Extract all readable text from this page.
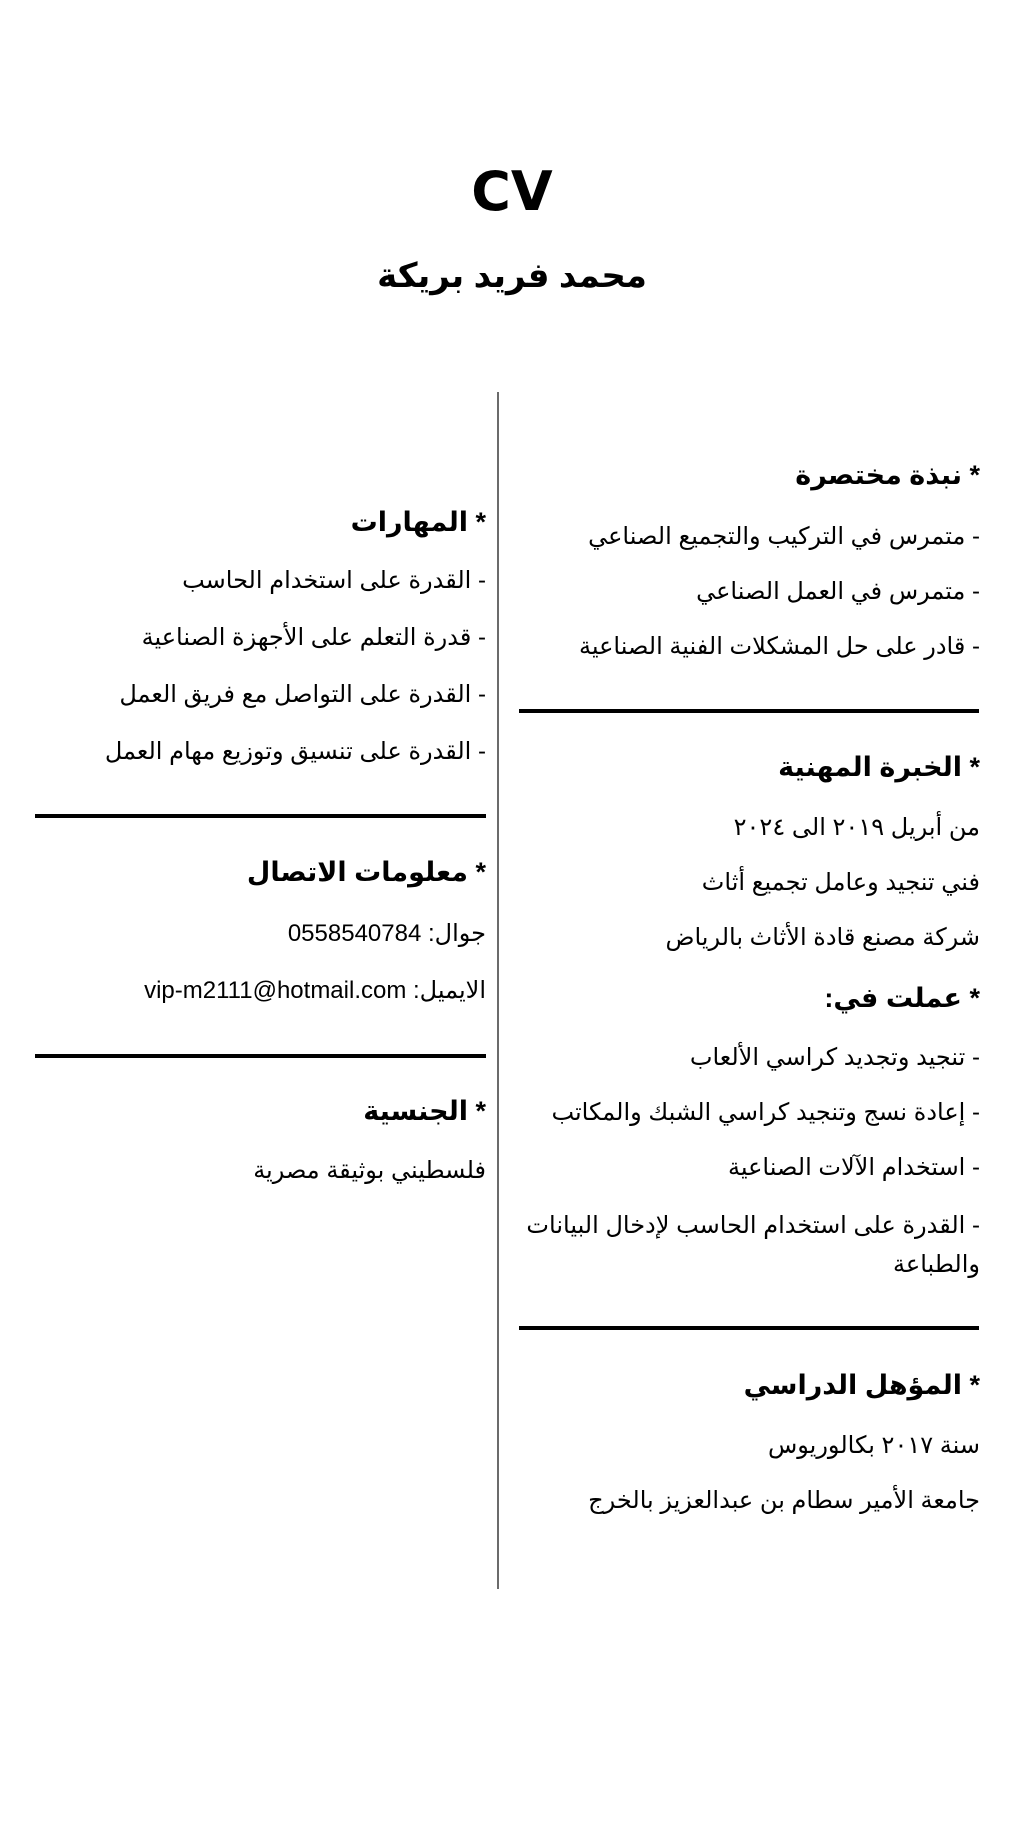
CV
محمد فريد بريكة
* نبذة مختصرة
- متمرس في التركيب والتجميع الصناعي
- متمرس في العمل الصناعي
- قادر على حل المشكلات الفنية الصناعية
* الخبرة المهنية
من أبريل ٢٠١٩ الى ٢٠٢٤
فني تنجيد وعامل تجميع أثاث
شركة مصنع قادة الأثاث بالرياض
* عملت في:
- تنجيد وتجديد كراسي الألعاب
- إعادة نسج وتنجيد كراسي الشبك والمكاتب
- استخدام الآلات الصناعية
- القدرة على استخدام الحاسب لإدخال البيانات
والطباعة
* المؤهل الدراسي
سنة ٢٠١٧ بكالوريوس
جامعة الأمير سطام بن عبدالعزيز بالخرج
* المهارات
- القدرة على استخدام الحاسب
- قدرة التعلم على الأجهزة الصناعية
- القدرة على التواصل مع فريق العمل
- القدرة على تنسيق وتوزيع مهام العمل
* معلومات الاتصال
جوال: 0558540784
الايميل: vip-m2111@hotmail.com
* الجنسية
فلسطيني بوثيقة مصرية
